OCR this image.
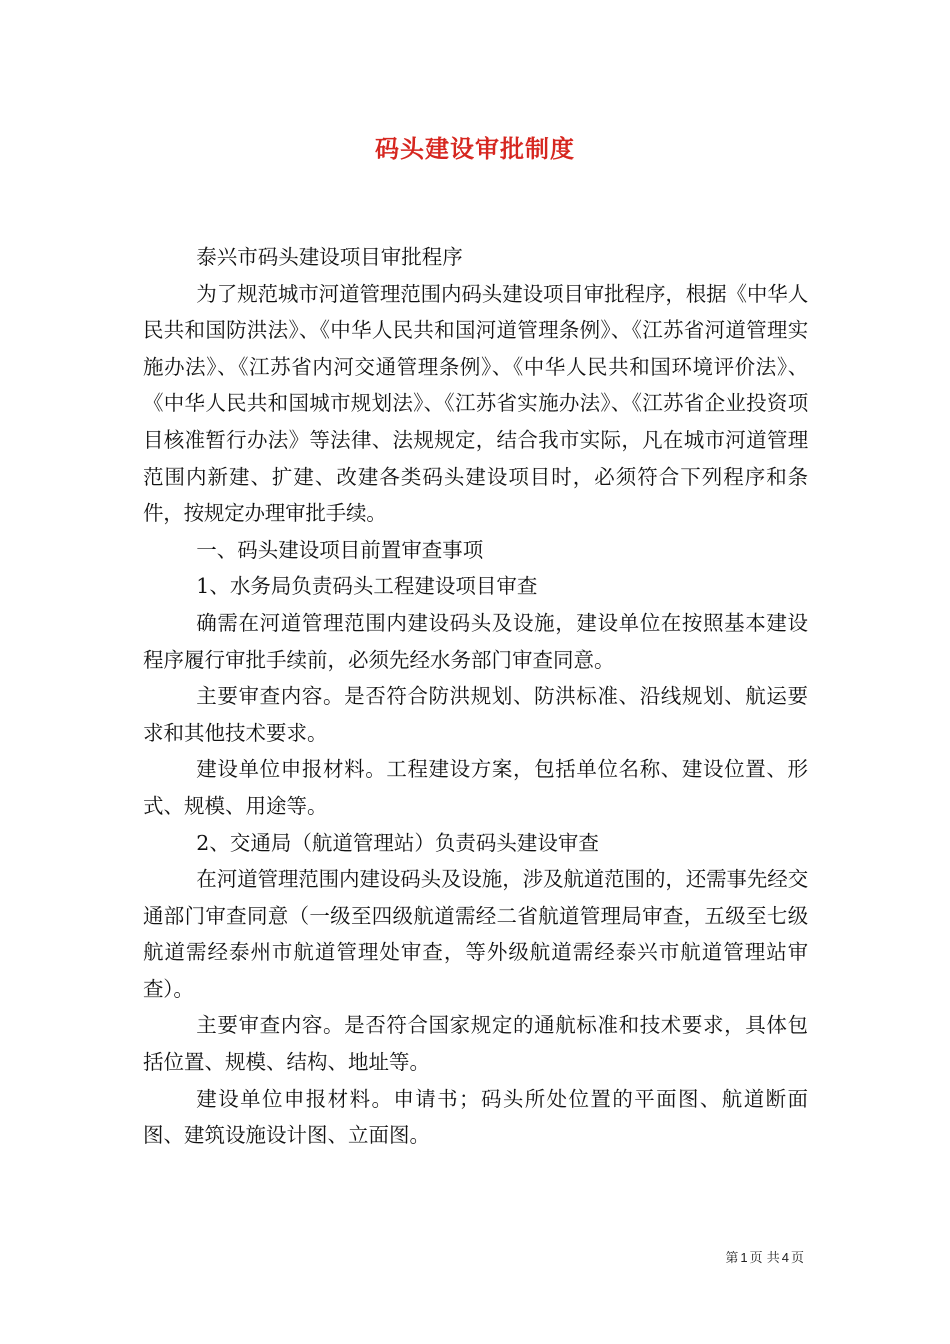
码头建设审批制度

泰兴市码头建设项目审批程序

为了规范城市河道管理范围内码头建设项目审批程序，根据《中华人民共和国防洪法》、《中华人民共和国河道管理条例》、《江苏省河道管理实施办法》、《江苏省内河交通管理条例》、《中华人民共和国环境评价法》、《中华人民共和国城市规划法》、《江苏省实施办法》、《江苏省企业投资项目核准暂行办法》等法律、法规规定，结合我市实际，凡在城市河道管理范围内新建、扩建、改建各类码头建设项目时，必须符合下列程序和条件，按规定办理审批手续。

一、码头建设项目前置审查事项

1、水务局负责码头工程建设项目审查

确需在河道管理范围内建设码头及设施，建设单位在按照基本建设程序履行审批手续前，必须先经水务部门审查同意。

主要审查内容。是否符合防洪规划、防洪标准、沿线规划、航运要求和其他技术要求。

建设单位申报材料。工程建设方案，包括单位名称、建设位置、形式、规模、用途等。

2、交通局（航道管理站）负责码头建设审查

在河道管理范围内建设码头及设施，涉及航道范围的，还需事先经交通部门审查同意（一级至四级航道需经二省航道管理局审查，五级至七级航道需经泰州市航道管理处审查，等外级航道需经泰兴市航道管理站审查）。

主要审查内容。是否符合国家规定的通航标准和技术要求，具体包括位置、规模、结构、地址等。

建设单位申报材料。申请书；码头所处位置的平面图、航道断面图、建筑设施设计图、立面图。

第 1 页 共 4 页
